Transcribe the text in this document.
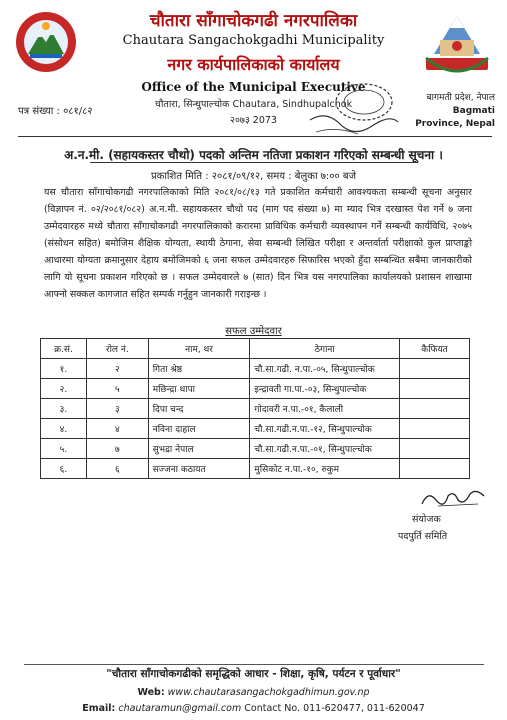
चौतारा साँगाचोकगढी नगरपालिका
Chautara Sangachokgadhi Municipality
नगर कार्यपालिकाको कार्यालय
Office of the Municipal Executive
चौतारा, सिन्धुपाल्चोक Chautara, Sindhupalchok
२०७३ 2073
पत्र संख्या : ०८१/८२
बागमती प्रदेश, नेपाल
Bagmati Province, Nepal
अ.न.मी. (सहायकस्तर चौथो) पदको अन्तिम नतिजा प्रकाशन गरिएको सम्बन्धी सूचना ।
प्रकाशित मिति : २०८१/०९/१२, समय : बेलुका ७:०० बजे
यस चौतारा साँगाचोकगढी नगरपालिकाको मिति २०८१/०८/१३ गते प्रकाशित कर्मचारी आवश्यकता सम्बन्धी सूचना अनुसार (विज्ञापन नं. ०२/२०८१/०८२) अ.न.मी. सहायकस्तर चौथो पद (माग पद संख्या ७) मा म्याद भित्र दरखास्त पेश गर्ने ७ जना उम्मेदवारहरु मध्ये चौतारा साँगाचोकगढी नगरपालिकाको करारमा प्राविधिक कर्मचारी व्यवस्थापन गर्ने सम्बन्धी कार्यविधि, २०७५ (संसोधन सहित) बमोजिम शैक्षिक योग्यता, स्थायी ठेगाना, सेवा सम्बन्धी लिखित परीक्षा र अन्तर्वार्ता परीक्षाको कुल प्राप्ताङ्को आधारमा योग्यता क्रमानुसार देहाय बमोजिमको ६ जना सफल उम्मेदवारहरु सिफारिस भएको हुँदा सम्बन्धित सबैमा जानकारीको लागि यो सूचना प्रकाशन गरिएको छ । सफल उम्मेदवारले ७ (सात) दिन भित्र यस नगरपालिका कार्यालयको प्रशासन शाखामा आफ्नो सक्कल कागजात सहित सम्पर्क गर्नुहुन जानकारी गराइन्छ ।
सफल उम्मेदवार
क्र.सं.	रोल नं.	नाम, थर	ठेगाना	कैफियत
१.	२	गिता श्रेष्ठ	चौ.सा.गढी. न.पा.-०५, सिन्धुपाल्चोक	
२.	५	मछिन्द्रा थापा	इन्द्रावती गा.पा.-०३, सिन्धुपाल्चोक	
३.	३	दिपा चन्द	गोदावरी न.पा.-०१, कैलाली	
४.	४	नविना दाहाल	चौ.सा.गढी.न.पा.-१२, सिन्धुपाल्चोक	
५.	७	सुभद्रा नेपाल	चौ.सा.गढी.न.पा.-०१, सिन्धुपाल्चोक	
६.	६	सज्जना कठायत	मुसिकोट न.पा.-१०, रुकुम	
संयोजक
पदपुर्ति समिति
"चौतारा साँगाचोकगढीको समृद्धिको आधार - शिक्षा, कृषि, पर्यटन र पूर्वाधार"
Web: www.chautarasangachokgadhimun.gov.np
Email: chautaramun@gmail.com Contact No. 011-620477, 011-620047
